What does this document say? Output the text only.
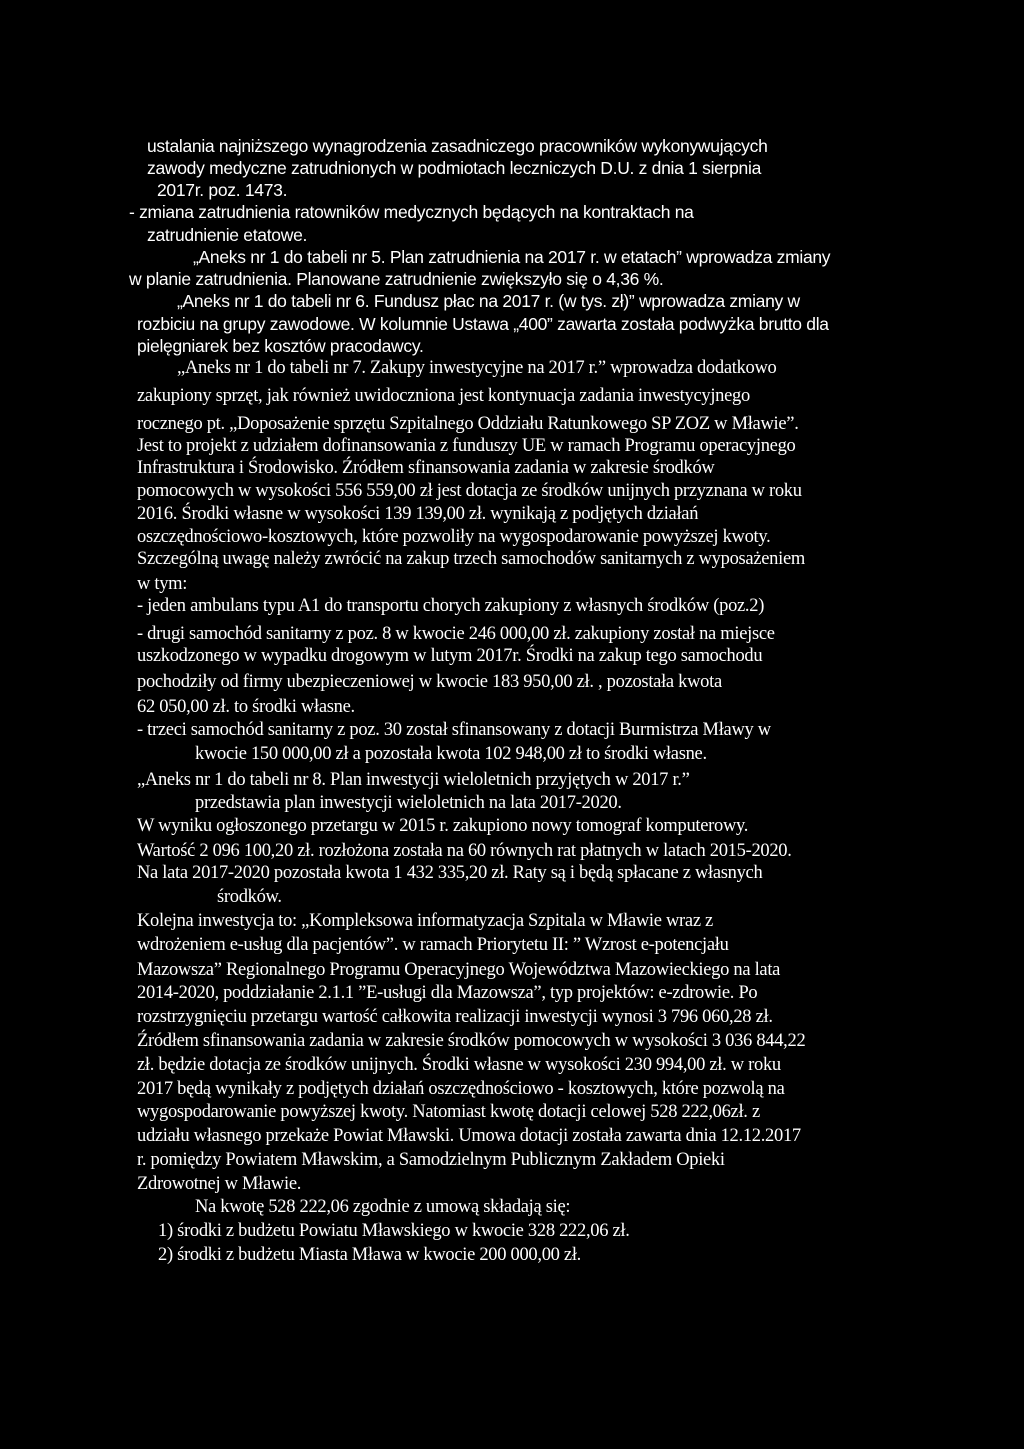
ustalania najniższego wynagrodzenia zasadniczego pracowników wykonywujących
zawody medyczne zatrudnionych w podmiotach leczniczych D.U. z dnia 1 sierpnia
2017r. poz. 1473.
- zmiana zatrudnienia ratowników medycznych będących na kontraktach na
zatrudnienie etatowe.
„Aneks nr 1 do tabeli nr 5. Plan zatrudnienia na 2017 r. w etatach” wprowadza zmiany
w planie zatrudnienia. Planowane zatrudnienie zwiększyło się o 4,36 %.
„Aneks nr 1 do tabeli nr 6. Fundusz płac na 2017 r. (w tys. zł)” wprowadza zmiany w
rozbiciu na grupy zawodowe. W kolumnie Ustawa „400” zawarta została podwyżka brutto dla
pielęgniarek bez kosztów pracodawcy.
„Aneks nr 1 do tabeli nr 7. Zakupy inwestycyjne na 2017 r.” wprowadza dodatkowo
zakupiony sprzęt, jak również uwidoczniona jest kontynuacja zadania inwestycyjnego
rocznego pt. „Doposażenie sprzętu Szpitalnego Oddziału Ratunkowego SP ZOZ w Mławie”.
Jest to projekt z udziałem dofinansowania z funduszy UE w ramach Programu operacyjnego
Infrastruktura i Środowisko. Źródłem sfinansowania zadania w zakresie środków
pomocowych w wysokości 556 559,00 zł jest dotacja ze środków unijnych przyznana w roku
2016. Środki własne w wysokości 139 139,00 zł. wynikają z podjętych działań
oszczędnościowo-kosztowych, które pozwoliły na wygospodarowanie powyższej kwoty.
Szczególną uwagę należy zwrócić na zakup trzech samochodów sanitarnych z wyposażeniem
w tym:
- jeden ambulans typu A1 do transportu chorych zakupiony z własnych środków (poz.2)
- drugi samochód sanitarny z poz. 8 w kwocie 246 000,00 zł. zakupiony został na miejsce
uszkodzonego w wypadku drogowym w lutym 2017r. Środki na zakup tego samochodu
pochodziły od firmy ubezpieczeniowej w kwocie 183 950,00 zł. , pozostała kwota
62 050,00 zł. to środki własne.
- trzeci samochód sanitarny z poz. 30 został sfinansowany z dotacji Burmistrza Mławy w
kwocie 150 000,00 zł a pozostała kwota 102 948,00 zł to środki własne.
„Aneks nr 1 do tabeli nr 8. Plan inwestycji wieloletnich przyjętych w 2017 r.”
przedstawia plan inwestycji wieloletnich na lata 2017-2020.
W wyniku ogłoszonego przetargu w 2015 r. zakupiono nowy tomograf komputerowy.
Wartość 2 096 100,20 zł. rozłożona została na 60 równych rat płatnych w latach 2015-2020.
Na lata 2017-2020 pozostała kwota 1 432 335,20 zł. Raty są i będą spłacane z własnych
środków.
Kolejna inwestycja to: „Kompleksowa informatyzacja Szpitala w Mławie wraz z
wdrożeniem e-usług dla pacjentów”. w ramach Priorytetu II: ” Wzrost e-potencjału
Mazowsza” Regionalnego Programu Operacyjnego Województwa Mazowieckiego na lata
2014-2020, poddziałanie 2.1.1 ”E-usługi dla Mazowsza”, typ projektów: e-zdrowie. Po
rozstrzygnięciu przetargu wartość całkowita realizacji inwestycji wynosi 3 796 060,28 zł.
Źródłem sfinansowania zadania w zakresie środków pomocowych w wysokości 3 036 844,22
zł. będzie dotacja ze środków unijnych. Środki własne w wysokości 230 994,00 zł. w roku
2017 będą wynikały z podjętych działań oszczędnościowo - kosztowych, które pozwolą na
wygospodarowanie powyższej kwoty. Natomiast kwotę dotacji celowej 528 222,06zł. z
udziału własnego przekaże Powiat Mławski. Umowa dotacji została zawarta dnia 12.12.2017
r. pomiędzy Powiatem Mławskim, a Samodzielnym Publicznym Zakładem Opieki
Zdrowotnej w Mławie.
Na kwotę 528 222,06 zgodnie z umową składają się:
1) środki z budżetu Powiatu Mławskiego w kwocie 328 222,06 zł.
2) środki z budżetu Miasta Mława w kwocie 200 000,00 zł.
